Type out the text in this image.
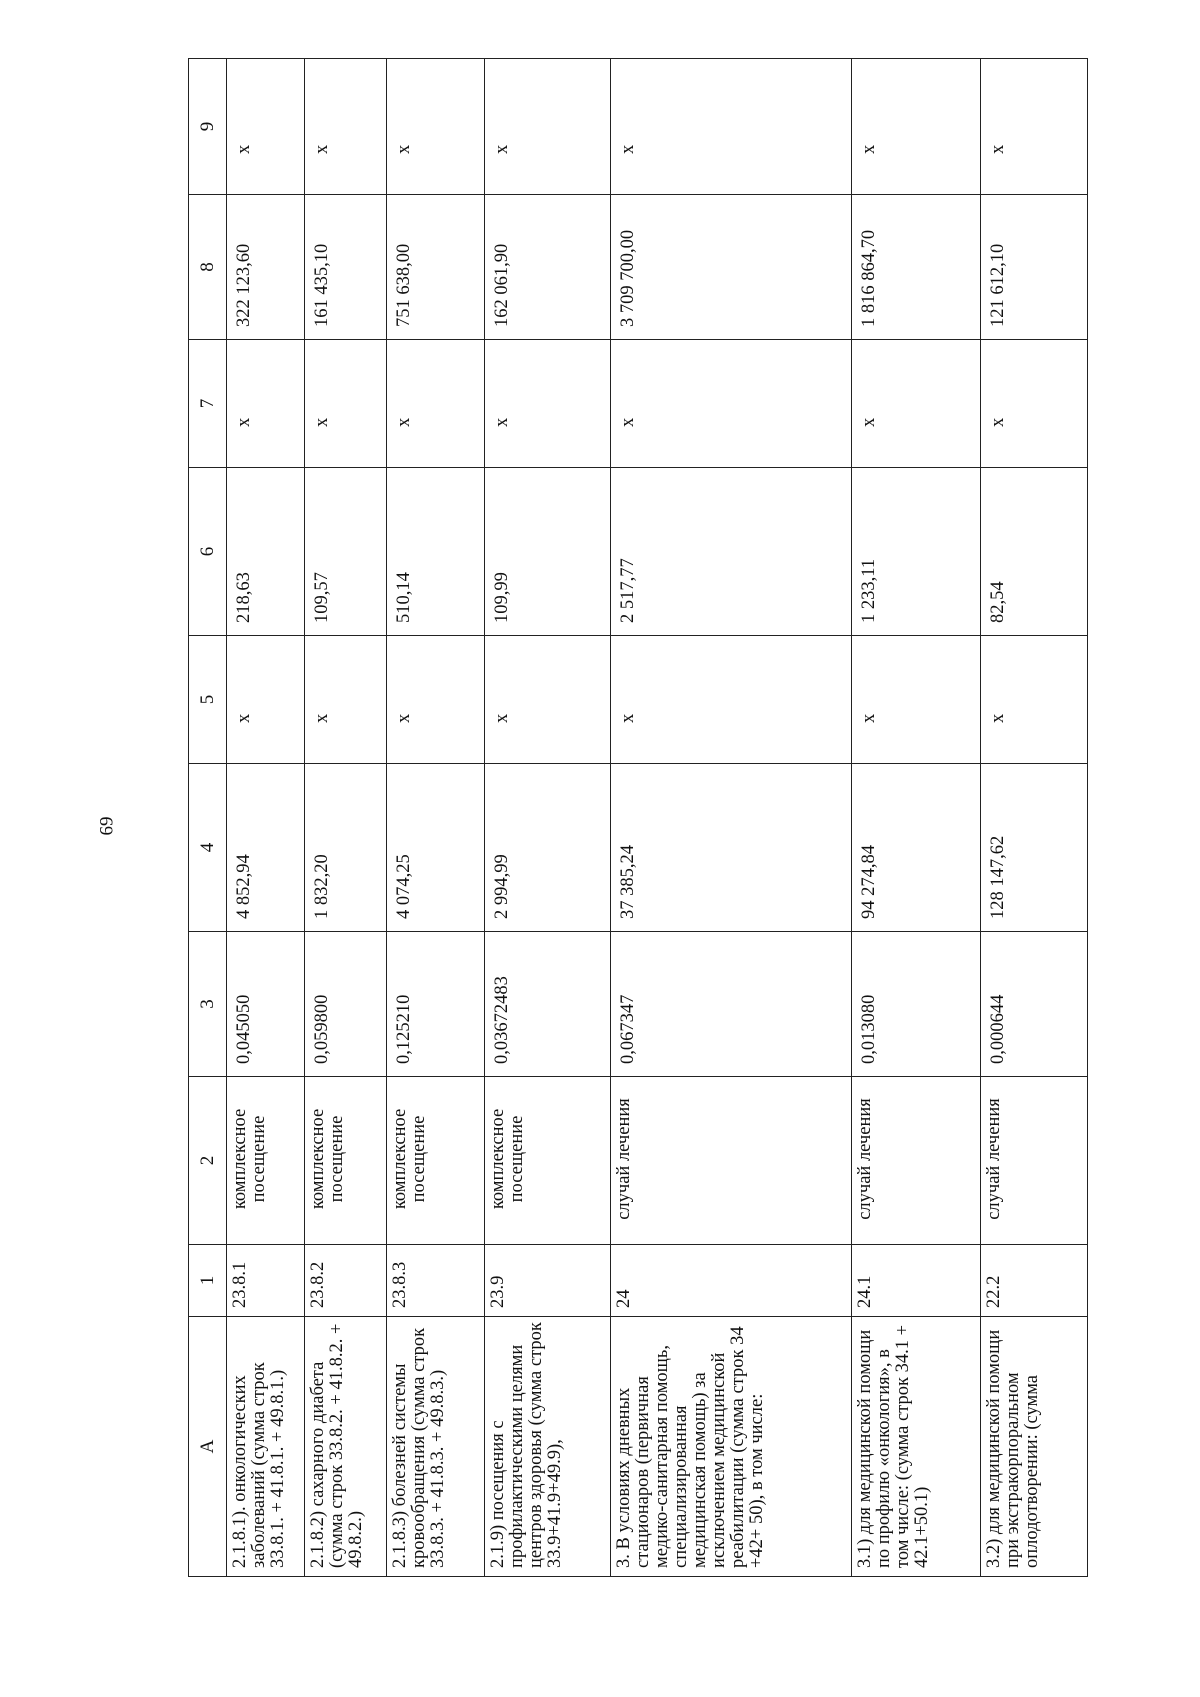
69
А	1	2	3	4	5	6	7	8	9
2.1.8.1). онкологических заболеваний (сумма строк 33.8.1. + 41.8.1. + 49.8.1.)	23.8.1	комплексное посещение	0,045050	4 852,94	х	218,63	х	322 123,60	х
2.1.8.2) сахарного диабета (сумма строк 33.8.2. + 41.8.2. + 49.8.2.)	23.8.2	комплексное посещение	0,059800	1 832,20	х	109,57	х	161 435,10	х
2.1.8.3) болезней системы кровообращения (сумма строк 33.8.3. + 41.8.3. + 49.8.3.)	23.8.3	комплексное посещение	0,125210	4 074,25	х	510,14	х	751 638,00	х
2.1.9) посещения с профилактическими целями центров здоровья (сумма строк 33.9+41.9+49.9),	23.9	комплексное посещение	0,03672483	2 994,99	х	109,99	х	162 061,90	х
3. В условиях дневных стационаров (первичная медико-санитарная помощь, специализированная медицинская помощь) за исключением медицинской реабилитации (сумма строк 34 +42+ 50), в том числе:	24	случай лечения	0,067347	37 385,24	х	2 517,77	х	3 709 700,00	х
3.1) для медицинской помощи по профилю «онкология», в том числе: (сумма строк 34.1 + 42.1+50.1)	24.1	случай лечения	0,013080	94 274,84	х	1 233,11	х	1 816 864,70	х
3.2) для медицинской помощи при экстракорпоральном оплодотворении: (сумма	22.2	случай лечения	0,000644	128 147,62	х	82,54	х	121 612,10	х
